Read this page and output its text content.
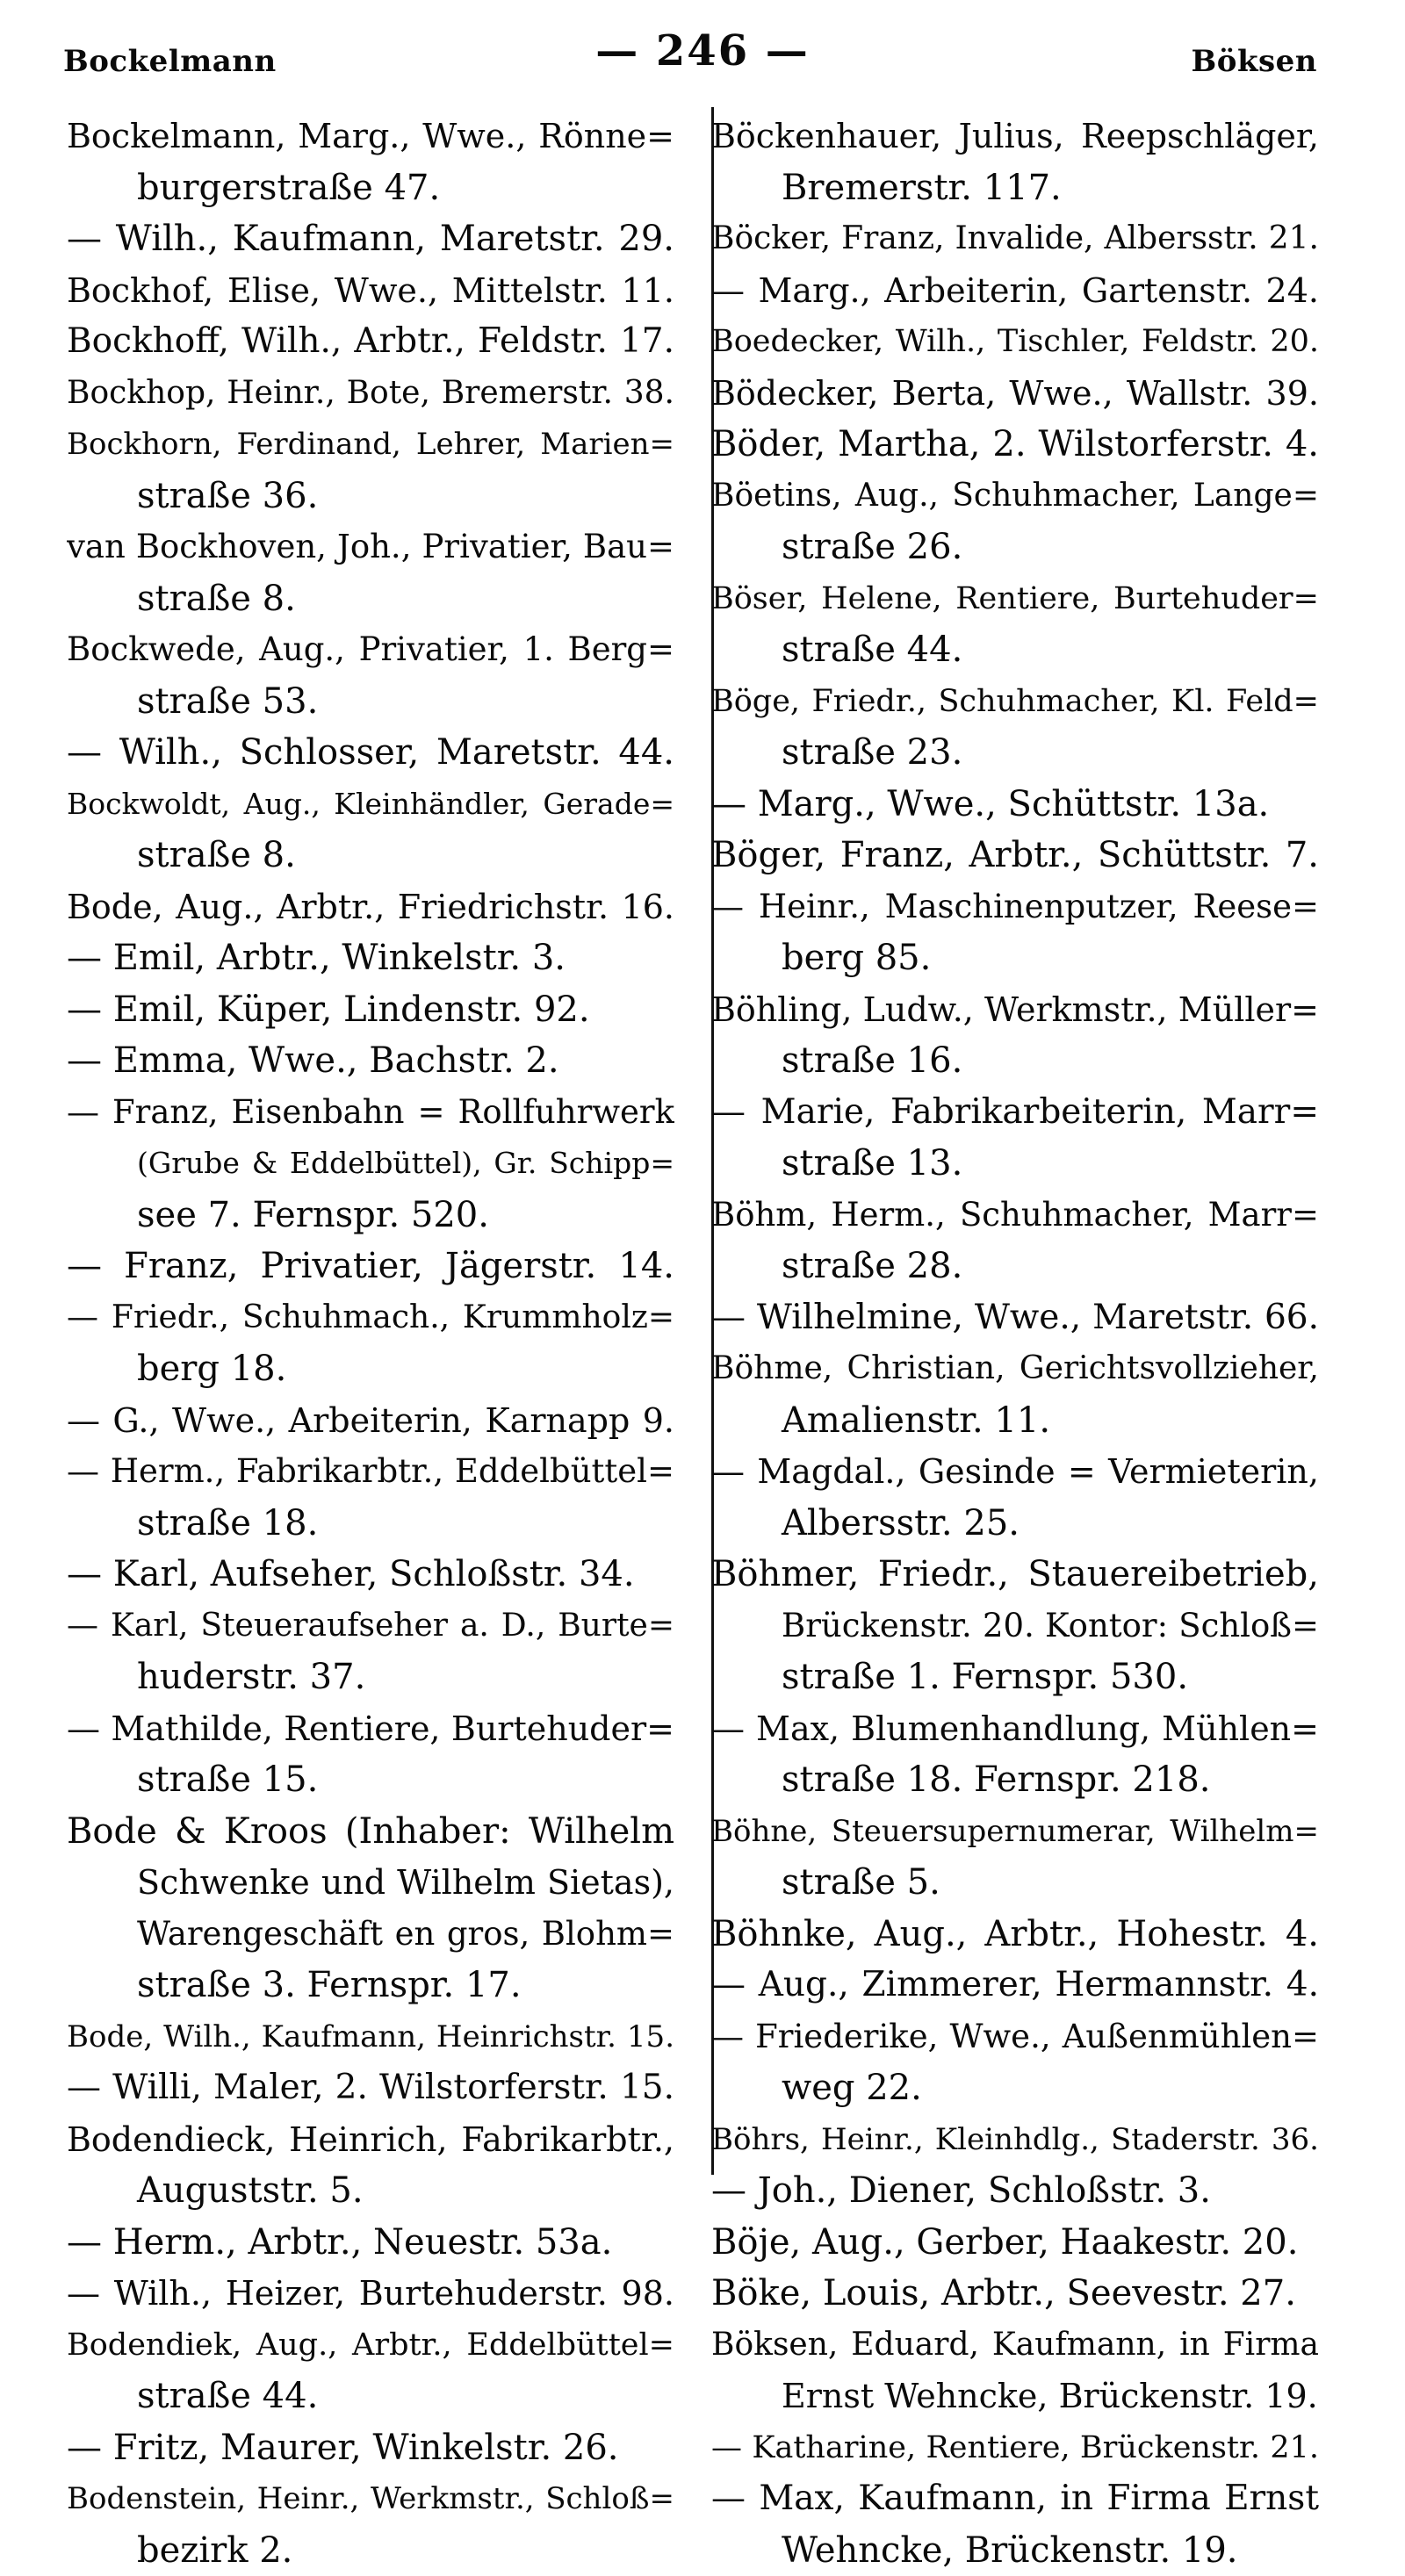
Bockelmann	— 246 —	Böksen
Bockelmann, Marg., Wwe., Rönne=
burgerstraße 47.
— Wilh., Kaufmann, Maretstr. 29.
Bockhof, Elise, Wwe., Mittelstr. 11.
Bockhoff, Wilh., Arbtr., Feldstr. 17.
Bockhop, Heinr., Bote, Bremerstr. 38.
Bockhorn, Ferdinand, Lehrer, Marien=
straße 36.
van Bockhoven, Joh., Privatier, Bau=
straße 8.
Bockwede, Aug., Privatier, 1. Berg=
straße 53.
— Wilh., Schlosser, Maretstr. 44.
Bockwoldt, Aug., Kleinhändler, Gerade=
straße 8.
Bode, Aug., Arbtr., Friedrichstr. 16.
— Emil, Arbtr., Winkelstr. 3.
— Emil, Küper, Lindenstr. 92.
— Emma, Wwe., Bachstr. 2.
— Franz, Eisenbahn = Rollfuhrwerk
(Grube & Eddelbüttel), Gr. Schipp=
see 7. Fernspr. 520.
— Franz, Privatier, Jägerstr. 14.
— Friedr., Schuhmach., Krummholz=
berg 18.
— G., Wwe., Arbeiterin, Karnapp 9.
— Herm., Fabrikarbtr., Eddelbüttel=
straße 18.
— Karl, Aufseher, Schloßstr. 34.
— Karl, Steueraufseher a. D., Burte=
huderstr. 37.
— Mathilde, Rentiere, Burtehuder=
straße 15.
Bode & Kroos (Inhaber: Wilhelm
Schwenke und Wilhelm Sietas),
Warengeschäft en gros, Blohm=
straße 3. Fernspr. 17.
Bode, Wilh., Kaufmann, Heinrichstr. 15.
— Willi, Maler, 2. Wilstorferstr. 15.
Bodendieck, Heinrich, Fabrikarbtr.,
Auguststr. 5.
— Herm., Arbtr., Neuestr. 53a.
— Wilh., Heizer, Burtehuderstr. 98.
Bodendiek, Aug., Arbtr., Eddelbüttel=
straße 44.
— Fritz, Maurer, Winkelstr. 26.
Bodenstein, Heinr., Werkmstr., Schloß=
bezirk 2.
Böckenhauer, Julius, Reepschläger,
Bremerstr. 117.
Böcker, Franz, Invalide, Albersstr. 21.
— Marg., Arbeiterin, Gartenstr. 24.
Boedecker, Wilh., Tischler, Feldstr. 20.
Bödecker, Berta, Wwe., Wallstr. 39.
Böder, Martha, 2. Wilstorferstr. 4.
Böetins, Aug., Schuhmacher, Lange=
straße 26.
Böser, Helene, Rentiere, Burtehuder=
straße 44.
Böge, Friedr., Schuhmacher, Kl. Feld=
straße 23.
— Marg., Wwe., Schüttstr. 13a.
Böger, Franz, Arbtr., Schüttstr. 7.
— Heinr., Maschinenputzer, Reese=
berg 85.
Böhling, Ludw., Werkmstr., Müller=
straße 16.
— Marie, Fabrikarbeiterin, Marr=
straße 13.
Böhm, Herm., Schuhmacher, Marr=
straße 28.
— Wilhelmine, Wwe., Maretstr. 66.
Böhme, Christian, Gerichtsvollzieher,
Amalienstr. 11.
— Magdal., Gesinde = Vermieterin,
Albersstr. 25.
Böhmer, Friedr., Stauereibetrieb,
Brückenstr. 20. Kontor: Schloß=
straße 1. Fernspr. 530.
— Max, Blumenhandlung, Mühlen=
straße 18. Fernspr. 218.
Böhne, Steuersupernumerar, Wilhelm=
straße 5.
Böhnke, Aug., Arbtr., Hohestr. 4.
— Aug., Zimmerer, Hermannstr. 4.
— Friederike, Wwe., Außenmühlen=
weg 22.
Böhrs, Heinr., Kleinhdlg., Staderstr. 36.
— Joh., Diener, Schloßstr. 3.
Böje, Aug., Gerber, Haakestr. 20.
Böke, Louis, Arbtr., Seevestr. 27.
Böksen, Eduard, Kaufmann, in Firma
Ernst Wehncke, Brückenstr. 19.
— Katharine, Rentiere, Brückenstr. 21.
— Max, Kaufmann, in Firma Ernst
Wehncke, Brückenstr. 19.
